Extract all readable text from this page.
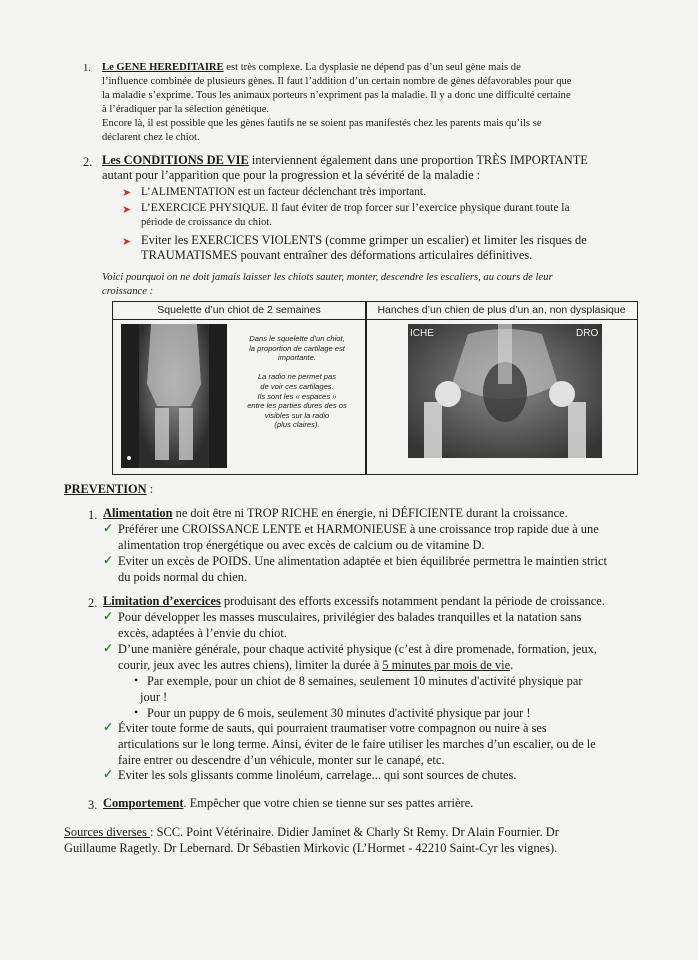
1. Le GENE HEREDITAIRE est très complexe. La dysplasie ne dépend pas d’un seul gène mais de
l’influence combinée de plusieurs gènes. Il faut l’addition d’un certain nombre de gènes défavorables pour que
la maladie s’exprime. Tous les animaux porteurs n’expriment pas la maladie. Il y a donc une difficulté certaine
à l’éradiquer par la sélection génétique.
Encore là, il est possible que les gènes fautifs ne se soient pas manifestés chez les parents mais qu’ils se
déclarent chez le chiot.
2. Les CONDITIONS DE VIE interviennent également dans une proportion TRÈS IMPORTANTE
autant pour l’apparition que pour la progression et la sévérité de la maladie :
➤ L’ALIMENTATION est un facteur déclenchant très important.
➤ L’EXERCICE PHYSIQUE. Il faut éviter de trop forcer sur l’exercice physique durant toute la
période de croissance du chiot.
➤ Eviter les EXERCICES VIOLENTS (comme grimper un escalier) et limiter les risques de
TRAUMATISMES pouvant entraîner des déformations articulaires définitives.
Voici pourquoi on ne doit jamais laisser les chiots sauter, monter, descendre les escaliers, au cours de leur
croissance :
Squelette d’un chiot de 2 semaines	Hanches d’un chien de plus d’un an, non dysplasique
Dans le squelette d’un chiot,
la proportion de cartilage est
importante.
La radio ne permet pas
de voir ces cartilages.
Ils sont les « espaces »
entre les parties dures des os
visibles sur la radio
(plus claires).
ICHE	DRO
PREVENTION :
1. Alimentation ne doit être ni TROP RICHE en énergie, ni DÉFICIENTE durant la croissance.
✓ Préférer une CROISSANCE LENTE et HARMONIEUSE à une croissance trop rapide due à une
alimentation trop énergétique ou avec excès de calcium ou de vitamine D.
✓ Eviter un excès de POIDS. Une alimentation adaptée et bien équilibrée permettra le maintien strict
du poids normal du chien.
2. Limitation d’exercices produisant des efforts excessifs notamment pendant la période de croissance.
✓ Pour développer les masses musculaires, privilégier des balades tranquilles et la natation sans
excès, adaptées à l’envie du chiot.
✓ D’une manière générale, pour chaque activité physique (c’est à dire promenade, formation, jeux,
courir, jeux avec les autres chiens), limiter la durée à 5 minutes par mois de vie.
• Par exemple, pour un chiot de 8 semaines, seulement 10 minutes d'activité physique par
jour !
• Pour un puppy de 6 mois, seulement 30 minutes d'activité physique par jour !
✓ Éviter toute forme de sauts, qui pourraient traumatiser votre compagnon ou nuire à ses
articulations sur le long terme. Ainsi, éviter de le faire utiliser les marches d’un escalier, ou de le
faire entrer ou descendre d’un véhicule, monter sur le canapé, etc.
✓ Eviter les sols glissants comme linoléum, carrelage... qui sont sources de chutes.
3. Comportement. Empêcher que votre chien se tienne sur ses pattes arrière.
Sources diverses : SCC. Point Vétérinaire. Didier Jaminet & Charly St Remy. Dr Alain Fournier. Dr
Guillaume Ragetly. Dr Lebernard. Dr Sébastien Mirkovic (L’Hormet - 42210 Saint-Cyr les vignes).
